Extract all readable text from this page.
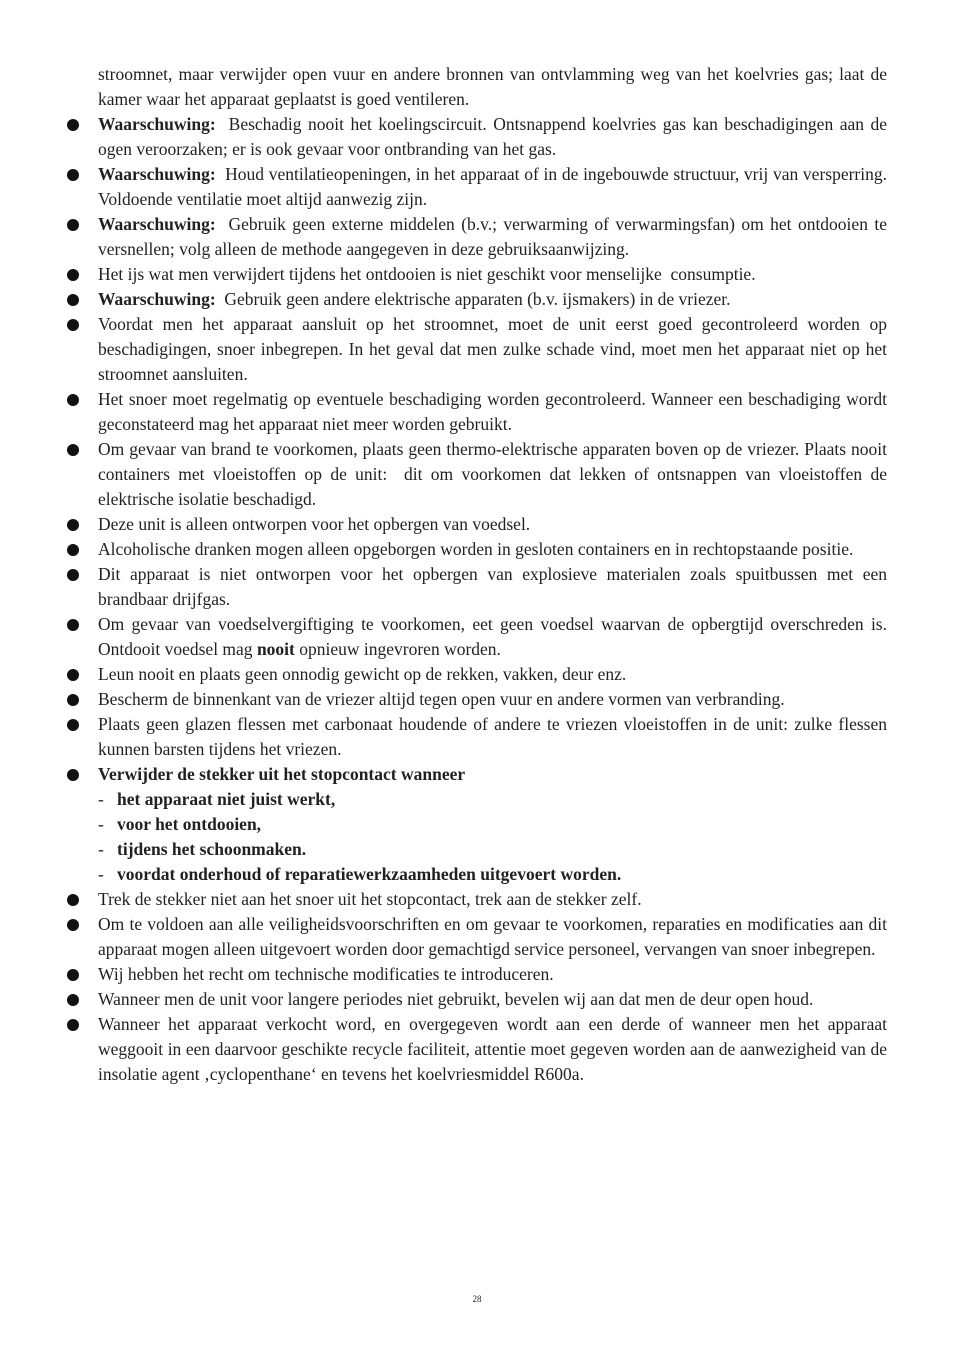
stroomnet, maar verwijder open vuur en andere bronnen van ontvlamming weg van het koelvries gas; laat de kamer waar het apparaat geplaatst is goed ventileren.

Waarschuwing:  Beschadig nooit het koelingscircuit. Ontsnappend koelvries gas kan beschadigingen aan de ogen veroorzaken; er is ook gevaar voor ontbranding van het gas.

Waarschuwing:  Houd ventilatieopeningen, in het apparaat of in de ingebouwde structuur, vrij van versperring.  Voldoende ventilatie moet altijd aanwezig zijn.

Waarschuwing:  Gebruik geen externe middelen (b.v.; verwarming of verwarmingsfan) om het ontdooien te versnellen; volg alleen de methode aangegeven in deze gebruiksaanwijzing.

Het ijs wat men verwijdert tijdens het ontdooien is niet geschikt voor menselijke  consumptie.

Waarschuwing:  Gebruik geen andere elektrische apparaten (b.v. ijsmakers) in de vriezer.

Voordat men het apparaat aansluit op het stroomnet, moet de unit eerst goed gecontroleerd worden op beschadigingen, snoer inbegrepen. In het geval dat men zulke schade vind, moet men het apparaat niet op het stroomnet aansluiten.

Het snoer moet regelmatig op eventuele beschadiging worden gecontroleerd. Wanneer een beschadiging wordt geconstateerd mag het apparaat niet meer worden gebruikt.

Om gevaar van brand te voorkomen, plaats geen thermo-elektrische apparaten boven op de vriezer. Plaats nooit containers met vloeistoffen op de unit:  dit om voorkomen dat lekken of ontsnappen van vloeistoffen de elektrische isolatie beschadigd.

Deze unit is alleen ontworpen voor het opbergen van voedsel.

Alcoholische dranken mogen alleen opgeborgen worden in gesloten containers en in rechtopstaande positie.

Dit apparaat is niet ontworpen voor het opbergen van explosieve materialen zoals spuitbussen met een brandbaar drijfgas.

Om gevaar van voedselvergiftiging te voorkomen, eet geen voedsel waarvan de opbergtijd overschreden is. Ontdooit voedsel mag nooit opnieuw ingevroren worden.

Leun nooit en plaats geen onnodig gewicht op de rekken, vakken, deur enz.

Bescherm de binnenkant van de vriezer altijd tegen open vuur en andere vormen van verbranding.

Plaats geen glazen flessen met carbonaat houdende of andere te vriezen vloeistoffen in de unit: zulke flessen kunnen barsten tijdens het vriezen.

Verwijder de stekker uit het stopcontact wanneer

- het apparaat niet juist werkt,

- voor het ontdooien,

- tijdens het schoonmaken.

- voordat onderhoud of reparatiewerkzaamheden uitgevoert worden.

Trek de stekker niet aan het snoer uit het stopcontact, trek aan de stekker zelf.

Om te voldoen aan alle veiligheidsvoorschriften en om gevaar te voorkomen, reparaties en modificaties aan dit apparaat mogen alleen uitgevoert worden door gemachtigd service personeel, vervangen van snoer inbegrepen.

Wij hebben het recht om technische modificaties te introduceren.

Wanneer men de unit voor langere periodes niet gebruikt, bevelen wij aan dat men de deur open houd.

Wanneer het apparaat verkocht word, en overgegeven wordt aan een derde of wanneer men het apparaat weggooit in een daarvoor geschikte recycle faciliteit, attentie moet gegeven worden aan de aanwezigheid van de insolatie agent ‚cyclopenthane‘ en tevens het koelvriesmiddel R600a.

28
